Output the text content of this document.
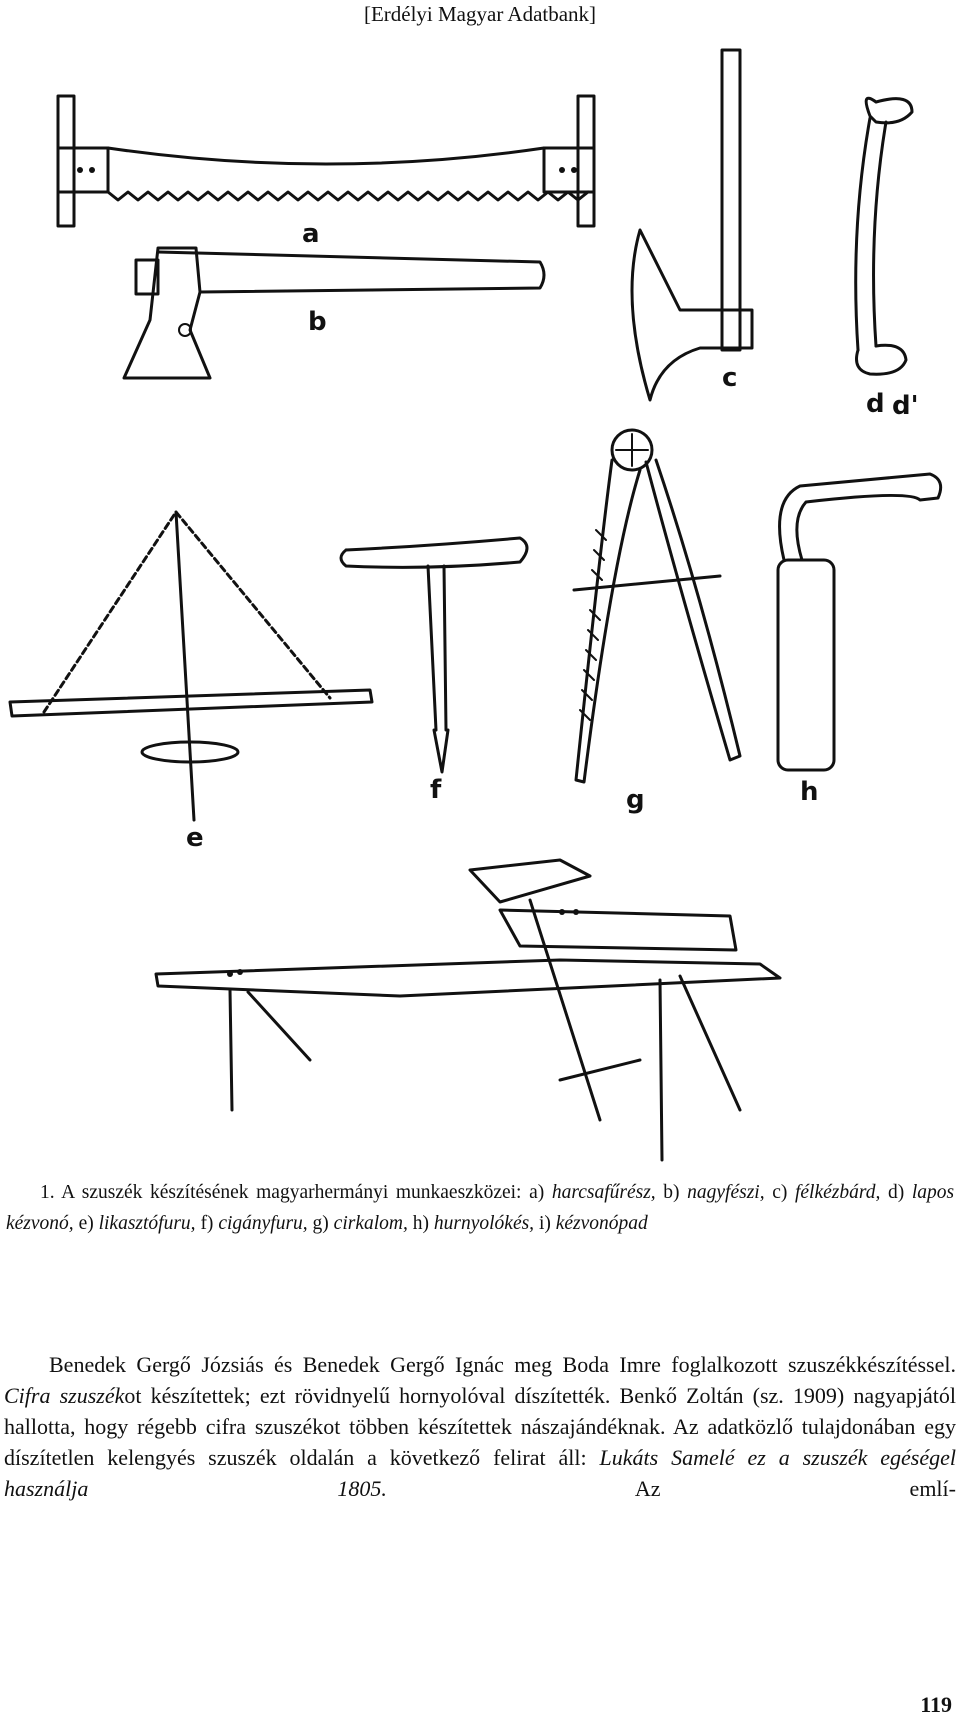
[Erdélyi Magyar Adatbank]
a
b
c
d d'
e
f	g	h
1. A szuszék készítésének magyarhermányi munkaeszközei: a) harcsafűrész, b) nagyfészi, c) félkézbárd, d) lapos kézvonó, e) likasztófuru, f) cigányfuru, g) cirkalom, h) hurnyolókés, i) kézvonópad
Benedek Gergő Józsiás és Benedek Gergő Ignác meg Boda Imre foglalkozott szuszékkészítéssel. Cifra szuszékot készítettek; ezt rövidnyelű hornyolóval díszítették. Benkő Zoltán (sz. 1909) nagyapjától hallotta, hogy régebb cifra szuszékot többen készítettek nászajándéknak. Az adatközlő tulajdonában egy díszítetlen kelengyés szuszék oldalán a következő felirat áll: Lukáts Samelé ez a szuszék egéségel használja 1805.	Az emlí-
119
